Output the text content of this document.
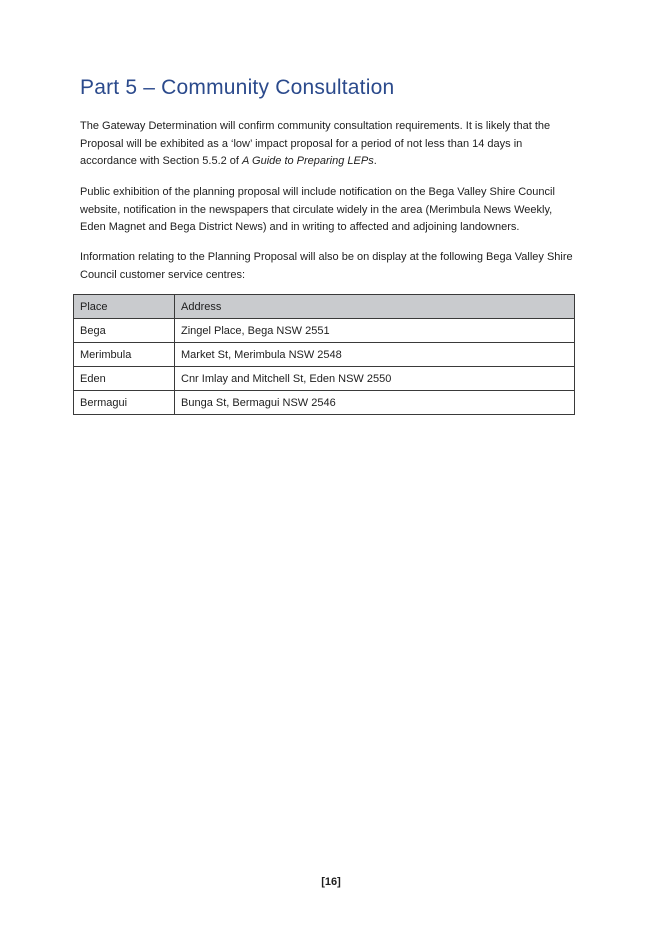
Part 5 – Community Consultation

The Gateway Determination will confirm community consultation requirements. It is likely that the Proposal will be exhibited as a ‘low’ impact proposal for a period of not less than 14 days in accordance with Section 5.5.2 of A Guide to Preparing LEPs.

Public exhibition of the planning proposal will include notification on the Bega Valley Shire Council website, notification in the newspapers that circulate widely in the area (Merimbula News Weekly, Eden Magnet and Bega District News) and in writing to affected and adjoining landowners.

Information relating to the Planning Proposal will also be on display at the following Bega Valley Shire Council customer service centres:

Place	Address
Bega	Zingel Place, Bega NSW 2551
Merimbula	Market St, Merimbula NSW 2548
Eden	Cnr Imlay and Mitchell St, Eden NSW 2550
Bermagui	Bunga St, Bermagui NSW 2546

[16]
